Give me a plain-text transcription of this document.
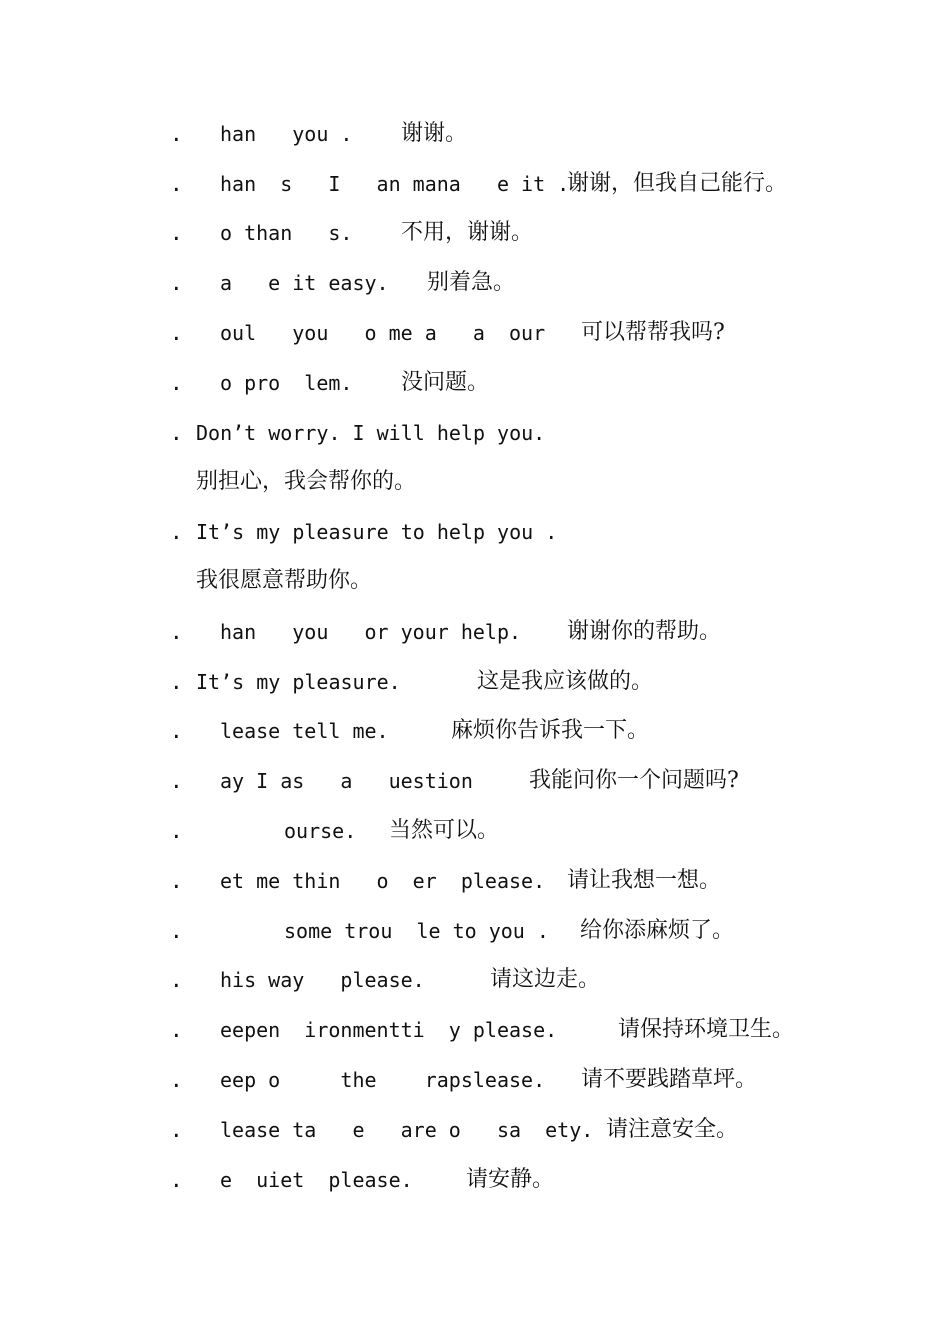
.

han   you .

谢谢。

.

han  s   I   an mana   e it .

谢谢，但我自己能行。

.

o than   s.

不用，谢谢。

.

a   e it easy.

别着急。

.

oul   you   o me a   a  our

可以帮帮我吗?

.

o pro  lem.

没问题。

.

Don’t worry. I will help you.

别担心，我会帮你的。

.

It’s my pleasure to help you .

我很愿意帮助你。

.

han   you   or your help.

谢谢你的帮助。

.

It’s my pleasure.

	这是我应该做的。

.

lease tell me.

	麻烦你告诉我一下。

.

ay I as   a   uestion

	我能问你一个问题吗?

.

	ourse.

当然可以。

.

et me thin   o  er  please.

请让我想一想。

.

	some trou  le to you .

给你添麻烦了。

.

his way   please.

	请这边走。

.

eepen  ironmentti  y please.

	请保持环境卫生。

.

eep o     the    rapslease.

请不要践踏草坪。

.

lease ta   e   are o   sa  ety.

请注意安全。

.

e  uiet  please.

请安静。
